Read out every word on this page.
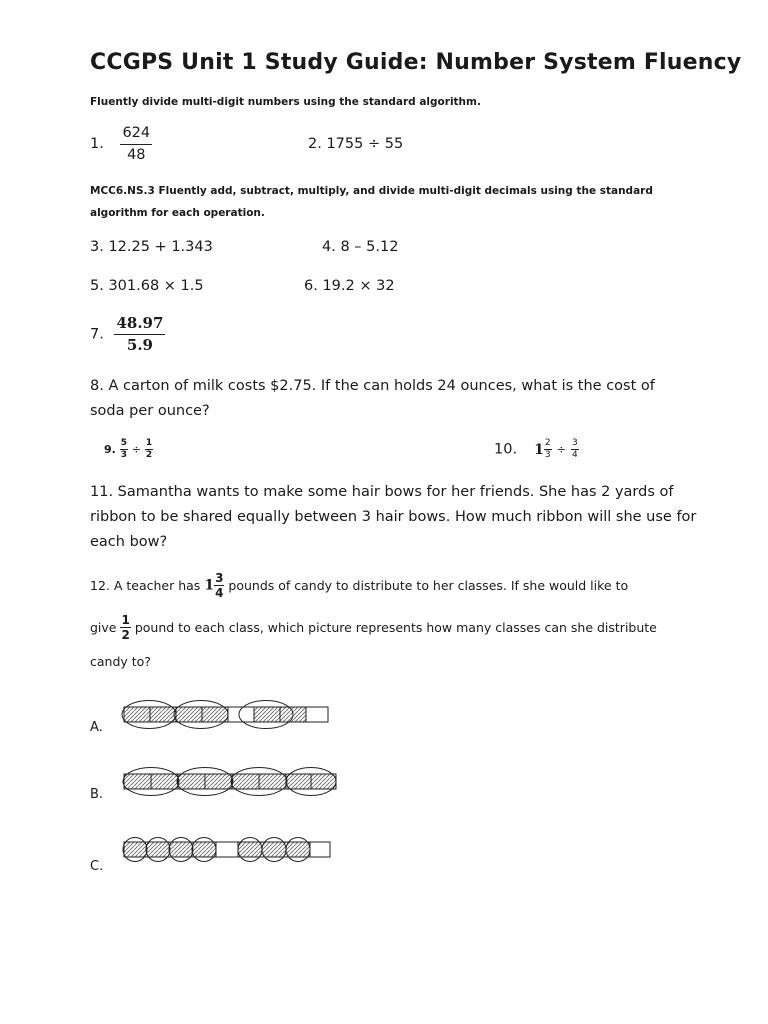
CCGPS Unit 1 Study Guide: Number System Fluency
Fluently divide multi-digit numbers using the standard algorithm.
1. $\frac{624}{48}$	2. 1755 ÷ 55
MCC6.NS.3 Fluently add, subtract, multiply, and divide multi-digit decimals using the standard
algorithm for each operation.
3. 12.25 + 1.343	4. 8 – 5.12
5. 301.68 × 1.5	6. 19.2 × 32
7. $\frac{48.97}{5.9}$
8. A carton of milk costs $2.75. If the can holds 24 ounces, what is the cost of
soda per ounce?
9. $\frac{5}{3} \div \frac{1}{2}$	10. $1 \frac{2}{3} \div \frac{3}{4}$
11. Samantha wants to make some hair bows for her friends. She has 2 yards of
ribbon to be shared equally between 3 hair bows. How much ribbon will she use for
each bow?
12. A teacher has $1 \frac{3}{4}$ pounds of candy to distribute to her classes. If she would like to
give $\frac{1}{2}$ pound to each class, which picture represents how many classes can she distribute
candy to?
A.
B.
C.
